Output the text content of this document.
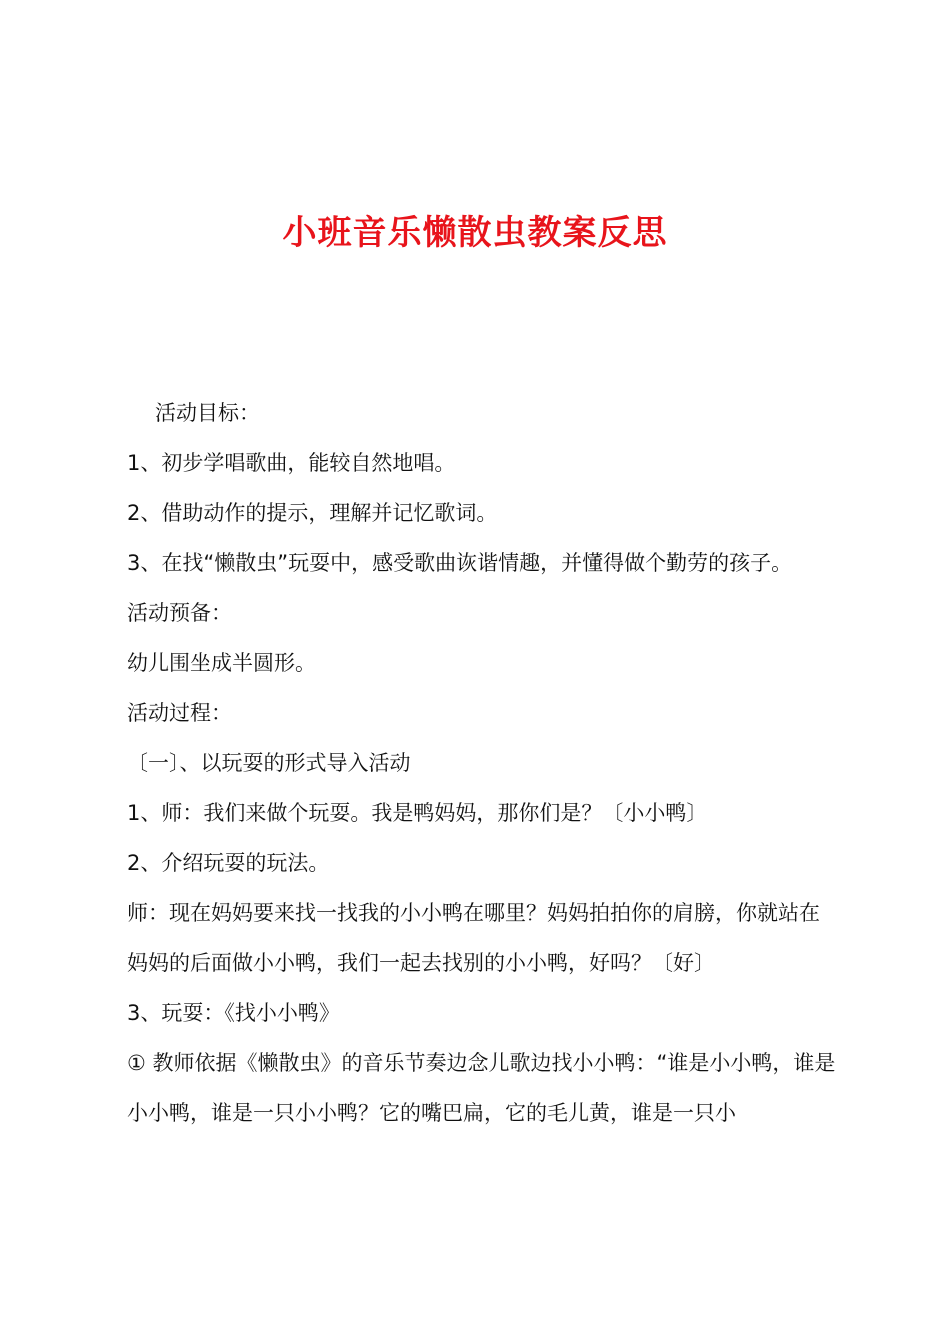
小班音乐懒散虫教案反思

活动目标：

1、初步学唱歌曲，能较自然地唱。

2、借助动作的提示，理解并记忆歌词。

3、在找“懒散虫”玩耍中，感受歌曲诙谐情趣，并懂得做个勤劳的孩子。

活动预备：

幼儿围坐成半圆形。

活动过程：

〔一〕、以玩耍的形式导入活动

1、师：我们来做个玩耍。我是鸭妈妈，那你们是？〔小小鸭〕

2、介绍玩耍的玩法。

师：现在妈妈要来找一找我的小小鸭在哪里？妈妈拍拍你的肩膀，你就站在妈妈的后面做小小鸭，我们一起去找别的小小鸭，好吗？〔好〕

3、玩耍：《找小小鸭》

① 教师依据《懒散虫》的音乐节奏边念儿歌边找小小鸭：“谁是小小鸭，谁是小小鸭，谁是一只小小鸭？它的嘴巴扁，它的毛儿黄，谁是一只小
